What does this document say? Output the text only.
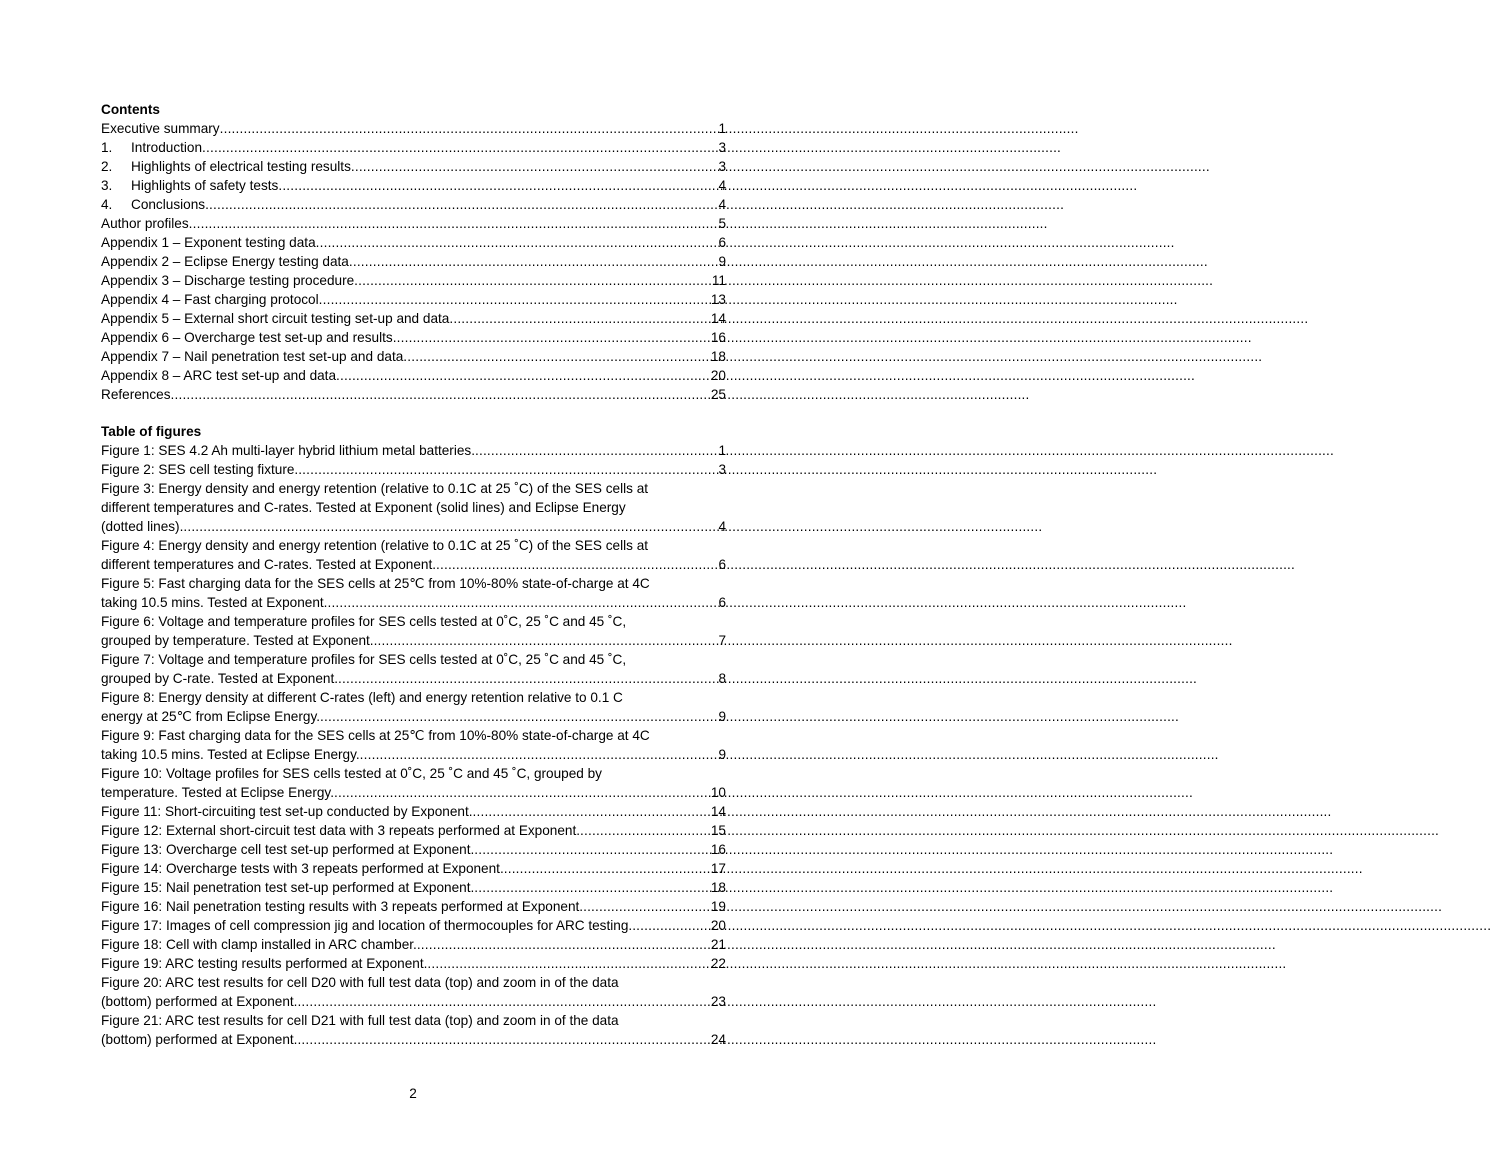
Contents
Executive summary .....	1
1.	Introduction .....	3
2.	Highlights of electrical testing results .....	3
3.	Highlights of safety tests .....	4
4.	Conclusions .....	4
Author profiles .....	5
Appendix 1 – Exponent testing data .....	6
Appendix 2 – Eclipse Energy testing data .....	9
Appendix 3 – Discharge testing procedure .....	11
Appendix 4 – Fast charging protocol .....	13
Appendix 5 – External short circuit testing set-up and data .....	14
Appendix 6 – Overcharge test set-up and results .....	16
Appendix 7 – Nail penetration test set-up and data .....	18
Appendix 8 – ARC test set-up and data .....	20
References .....	25
Table of figures
Figure 1: SES 4.2 Ah multi-layer hybrid lithium metal batteries. .....	1
Figure 2: SES cell testing fixture. .....	3
Figure 3: Energy density and energy retention (relative to 0.1C at 25 ˚C) of the SES cells at
different temperatures and C-rates. Tested at Exponent (solid lines) and Eclipse Energy
(dotted lines). .....	4
Figure 4: Energy density and energy retention (relative to 0.1C at 25 ˚C) of the SES cells at
different temperatures and C-rates. Tested at Exponent. .....	6
Figure 5: Fast charging data for the SES cells at 25℃ from 10%-80% state-of-charge at 4C
taking 10.5 mins. Tested at Exponent. .....	6
Figure 6: Voltage and temperature profiles for SES cells tested at 0˚C, 25 ˚C and 45 ˚C,
grouped by temperature. Tested at Exponent. .....	7
Figure 7: Voltage and temperature profiles for SES cells tested at 0˚C, 25 ˚C and 45 ˚C,
grouped by C-rate. Tested at Exponent. .....	8
Figure 8: Energy density at different C-rates (left) and energy retention relative to 0.1 C
energy at 25℃ from Eclipse Energy. .....	9
Figure 9: Fast charging data for the SES cells at 25℃ from 10%-80% state-of-charge at 4C
taking 10.5 mins. Tested at Eclipse Energy. .....	9
Figure 10: Voltage profiles for SES cells tested at 0˚C, 25 ˚C and 45 ˚C, grouped by
temperature. Tested at Eclipse Energy. .....	10
Figure 11: Short-circuiting test set-up conducted by Exponent. .....	14
Figure 12: External short-circuit test data with 3 repeats performed at Exponent. .....	15
Figure 13: Overcharge cell test set-up performed at Exponent. .....	16
Figure 14: Overcharge tests with 3 repeats performed at Exponent. .....	17
Figure 15: Nail penetration test set-up performed at Exponent. .....	18
Figure 16: Nail penetration testing results with 3 repeats performed at Exponent. .....	19
Figure 17: Images of cell compression jig and location of thermocouples for ARC testing. .....	20
Figure 18: Cell with clamp installed in ARC chamber. .....	21
Figure 19: ARC testing results performed at Exponent. .....	22
Figure 20: ARC test results for cell D20 with full test data (top) and zoom in of the data
(bottom) performed at Exponent. .....	23
Figure 21: ARC test results for cell D21 with full test data (top) and zoom in of the data
(bottom) performed at Exponent. .....	24
2
